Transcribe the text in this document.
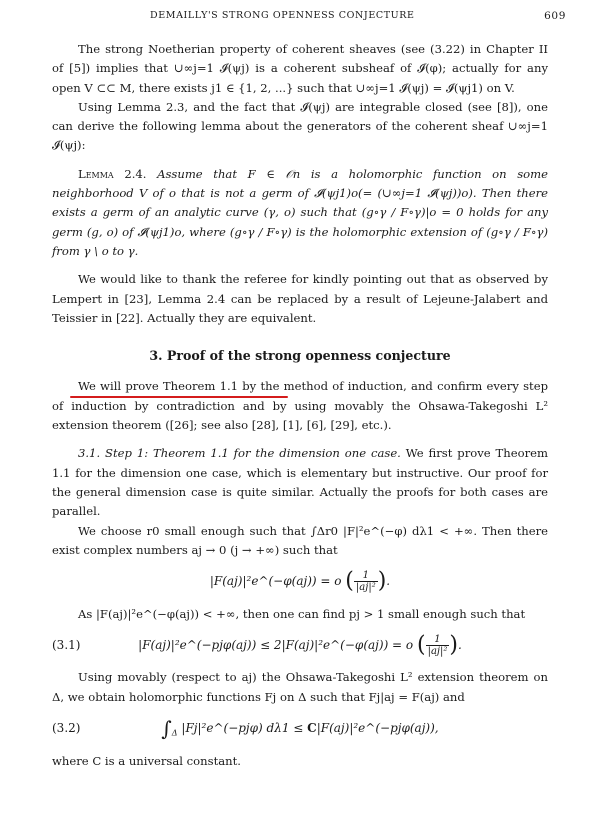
DEMAILLY'S STRONG OPENNESS CONJECTURE	609

The strong Noetherian property of coherent sheaves (see (3.22) in Chapter II of [5]) implies that ∪∞j=1 𝓘(ψj) is a coherent subsheaf of 𝓘(φ); actually for any open V ⊂⊂ M, there exists j1 ∈ {1, 2, ...} such that ∪∞j=1 𝓘(ψj) = 𝓘(ψj1) on V.

Using Lemma 2.3, and the fact that 𝓘(ψj) are integrable closed (see [8]), one can derive the following lemma about the generators of the coherent sheaf ∪∞j=1 𝓘(ψj):

Lemma 2.4. Assume that F ∈ 𝒪n is a holomorphic function on some neighborhood V of o that is not a germ of 𝓘(ψj1)o(= (∪∞j=1 𝓘(ψj))o). Then there exists a germ of an analytic curve (γ, o) such that (g∘γ / F∘γ)|o = 0 holds for any germ (g, o) of 𝓘(ψj1)o, where (g∘γ / F∘γ) is the holomorphic extension of (g∘γ / F∘γ) from γ \ o to γ.

We would like to thank the referee for kindly pointing out that as observed by Lempert in [23], Lemma 2.4 can be replaced by a result of Lejeune-Jalabert and Teissier in [22]. Actually they are equivalent.

3. Proof of the strong openness conjecture

We will prove Theorem 1.1 by
the method of induction, and confirm every step of induction by contradiction and by using movably the Ohsawa-Takegoshi L² extension theorem ([26]; see also [28], [1], [6], [29], etc.).

3.1. Step 1: Theorem 1.1 for the dimension one case. We first prove Theorem 1.1 for the dimension one case, which is elementary but instructive. Our proof for the general dimension case is quite similar. Actually the proofs for both cases are parallel.

We choose r0 small enough such that ∫Δr0 |F|²e^(−φ) dλ1 < +∞. Then there exist complex numbers aj → 0 (j → +∞) such that

|F(aj)|²e^(−φ(aj)) = o ( $\frac{1}{\text{|aj|²}}$ ).

As |F(aj)|²e^(−φ(aj)) < +∞, then one can find pj > 1 small enough such that

(3.1)	|F(aj)|²e^(−pjφ(aj)) ≤ 2|F(aj)|²e^(−φ(aj)) = o ( $\frac{1}{\text{|aj|²}}$ ).

Using movably (respect to aj) the Ohsawa-Takegoshi L² extension theorem on Δ, we obtain holomorphic functions Fj on Δ such that Fj|aj = F(aj) and

(3.2)	$\int_\Delta$ |Fj|²e^(−pjφ) dλ1 ≤ C|F(aj)|²e^(−pjφ(aj)),

where C is a universal constant.
